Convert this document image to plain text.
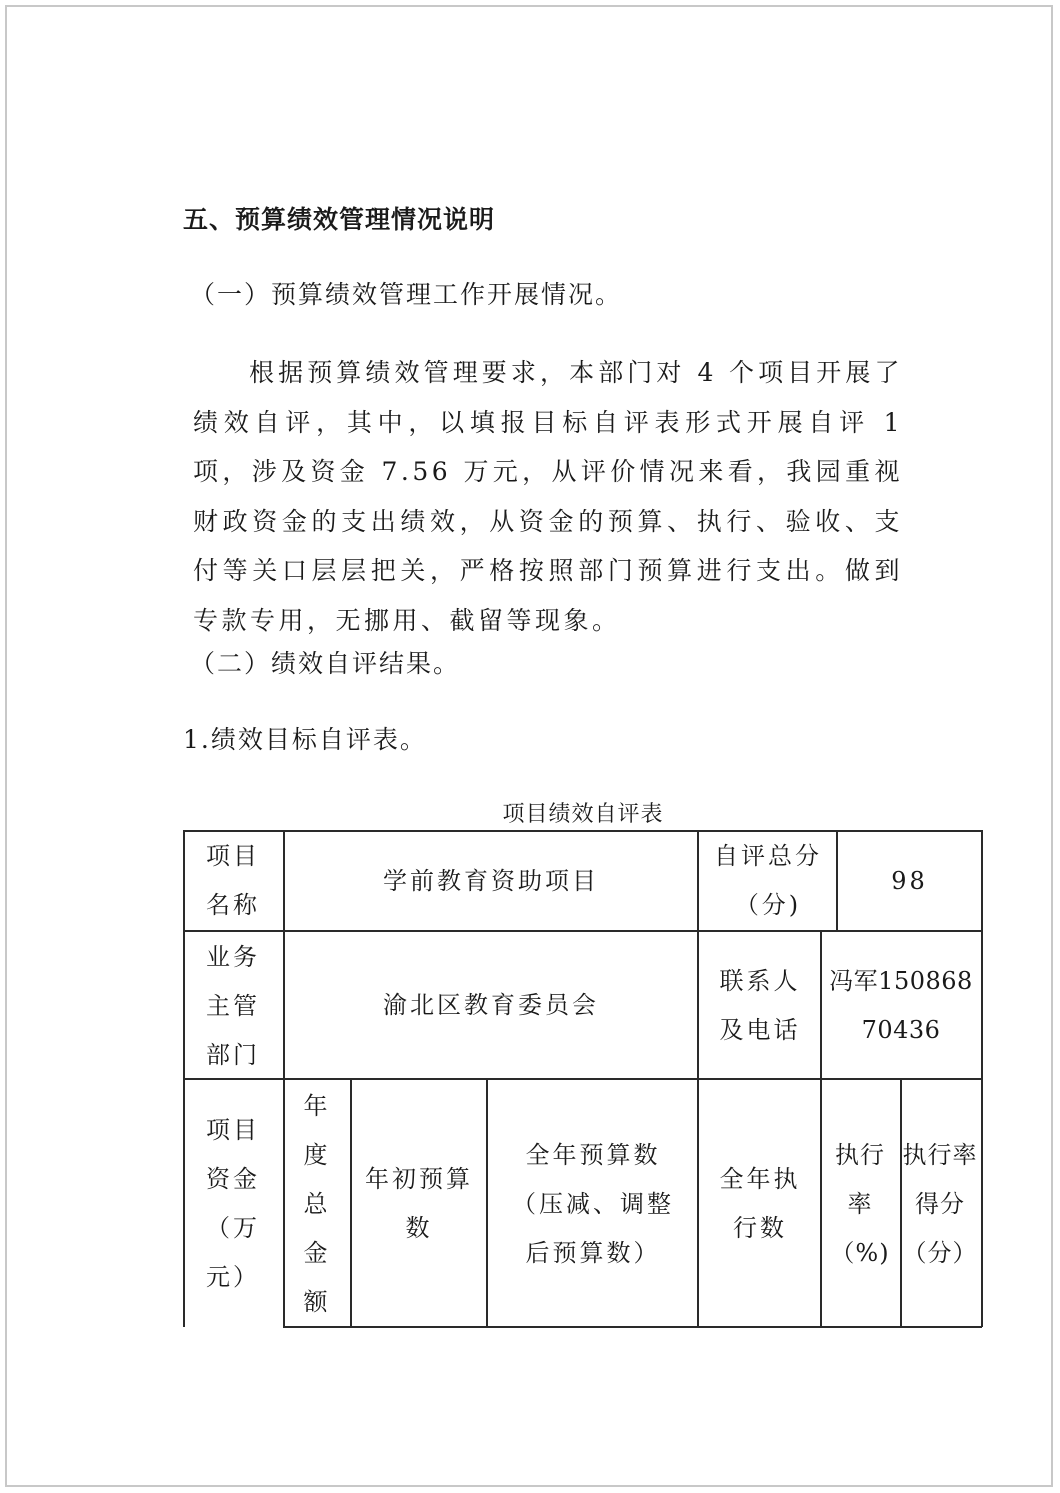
五、预算绩效管理情况说明
（一）预算绩效管理工作开展情况。
根据预算绩效管理要求，本部门对 4 个项目开展了绩效自评，其中，以填报目标自评表形式开展自评 1 项，涉及资金 7.56 万元，从评价情况来看，我园重视财政资金的支出绩效，从资金的预算、执行、验收、支付等关口层层把关，严格按照部门预算进行支出。做到专款专用，无挪用、截留等现象。
（二）绩效自评结果。
1.绩效目标自评表。
项目绩效自评表
项目名称
学前教育资助项目
自评总分（分)
98
业务主管部门
渝北区教育委员会
联系人及电话
冯军15086870436
项目资金（万元）
年度总金额
年初预算数
全年预算数（压减、调整后预算数）
全年执行数
执行率（%)
执行率得分（分）
